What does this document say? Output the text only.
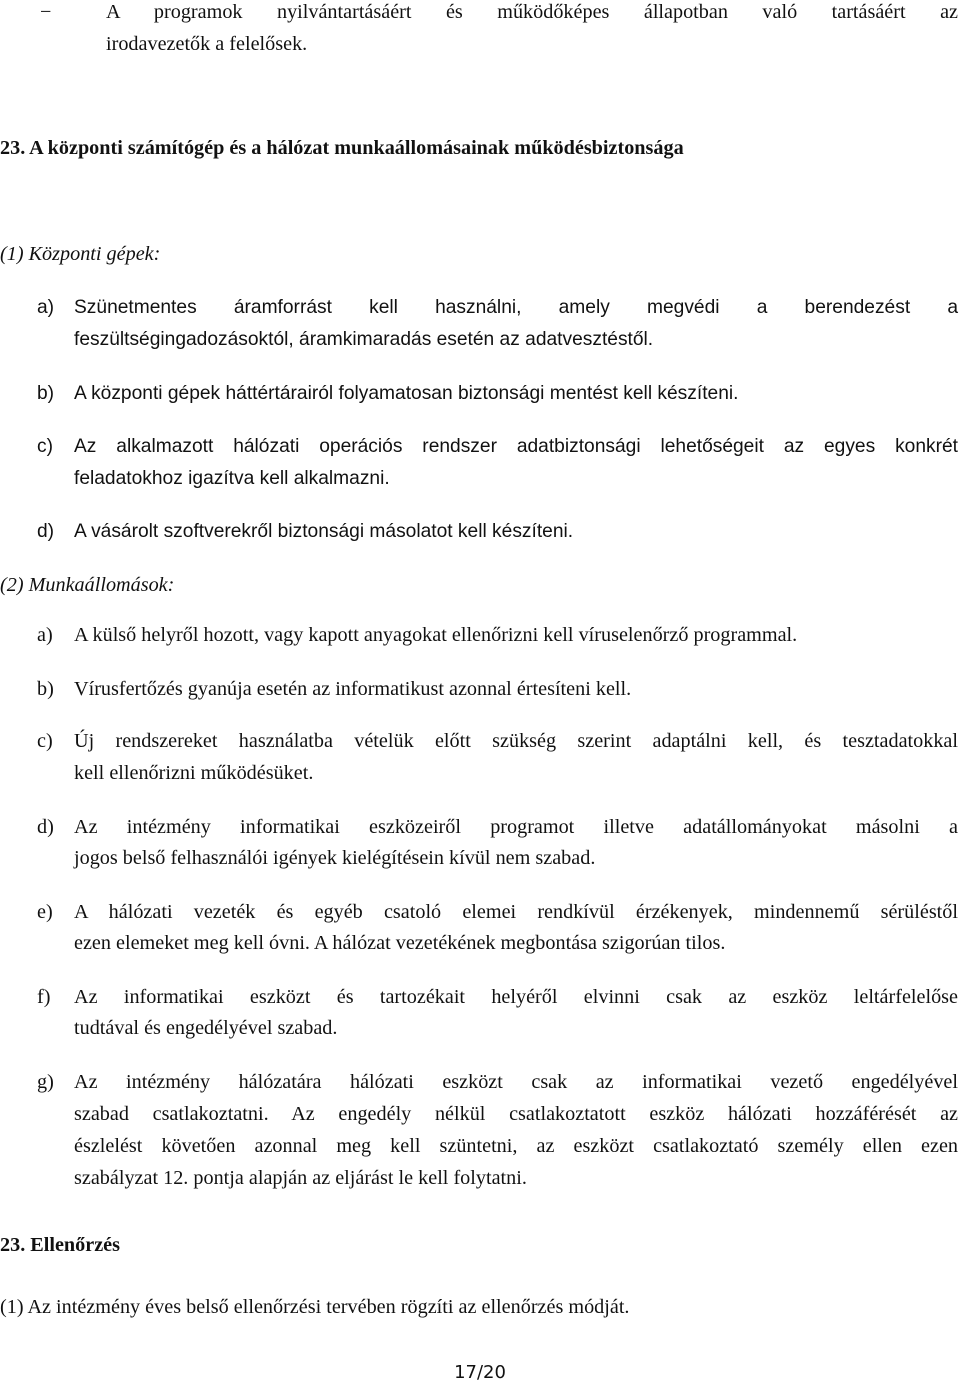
−	A programok nyilvántartásáért és működőképes állapotban való tartásáért az
irodavezetők a felelősek.
23. A központi számítógép és a hálózat munkaállomásainak működésbiztonsága
(1) Központi gépek:
a) Szünetmentes áramforrást kell használni, amely megvédi a berendezést a
feszültségingadozásoktól, áramkimaradás esetén az adatvesztéstől.
b) A központi gépek háttértárairól folyamatosan biztonsági mentést kell készíteni.
c) Az alkalmazott hálózati operációs rendszer adatbiztonsági lehetőségeit az egyes konkrét
feladatokhoz igazítva kell alkalmazni.
d) A vásárolt szoftverekről biztonsági másolatot kell készíteni.
(2) Munkaállomások:
a) A külső helyről hozott, vagy kapott anyagokat ellenőrizni kell víruselenőrző programmal.
b) Vírusfertőzés gyanúja esetén az informatikust azonnal értesíteni kell.
c) Új rendszereket használatba vételük előtt szükség szerint adaptálni kell, és tesztadatokkal
kell ellenőrizni működésüket.
d) Az intézmény informatikai eszközeiről programot illetve adatállományokat másolni a
jogos belső felhasználói igények kielégítésein kívül nem szabad.
e) A hálózati vezeték és egyéb csatoló elemei rendkívül érzékenyek, mindennemű sérüléstől
ezen elemeket meg kell óvni. A hálózat vezetékének megbontása szigorúan tilos.
f) Az informatikai eszközt és tartozékait helyéről elvinni csak az eszköz leltárfelelőse
tudtával és engedélyével szabad.
g) Az intézmény hálózatára hálózati eszközt csak az informatikai vezető engedélyével
szabad csatlakoztatni. Az engedély nélkül csatlakoztatott eszköz hálózati hozzáférését az
észlelést követően azonnal meg kell szüntetni, az eszközt csatlakoztató személy ellen ezen
szabályzat 12. pontja alapján az eljárást le kell folytatni.
23. Ellenőrzés
(1) Az intézmény éves belső ellenőrzési tervében rögzíti az ellenőrzés módját.
17/20
